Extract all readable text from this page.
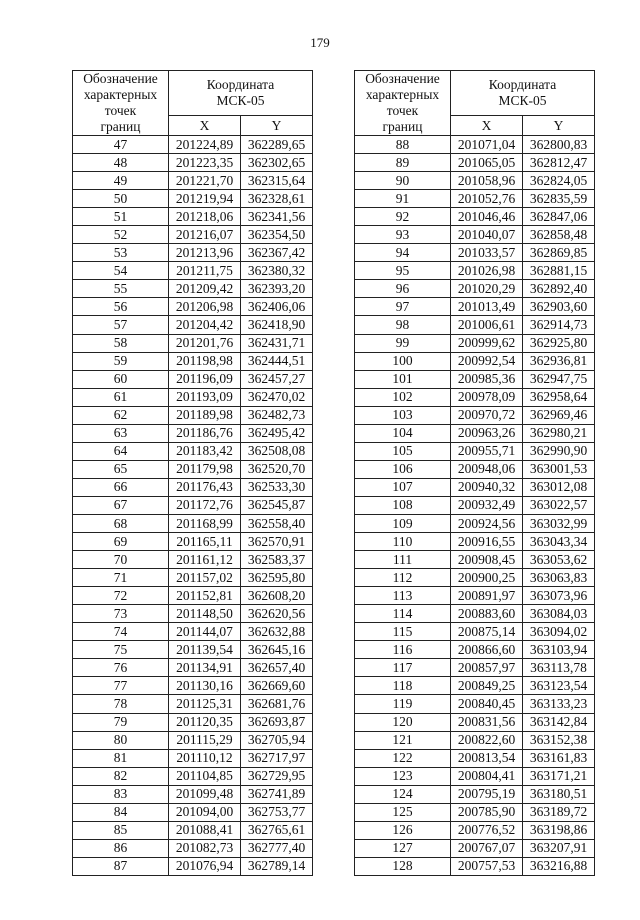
179
Обозначение
характерных
точек
границ	Координата
МСК-05	
	X	Y
47	201224,89	362289,65
48	201223,35	362302,65
49	201221,70	362315,64
50	201219,94	362328,61
51	201218,06	362341,56
52	201216,07	362354,50
53	201213,96	362367,42
54	201211,75	362380,32
55	201209,42	362393,20
56	201206,98	362406,06
57	201204,42	362418,90
58	201201,76	362431,71
59	201198,98	362444,51
60	201196,09	362457,27
61	201193,09	362470,02
62	201189,98	362482,73
63	201186,76	362495,42
64	201183,42	362508,08
65	201179,98	362520,70
66	201176,43	362533,30
67	201172,76	362545,87
68	201168,99	362558,40
69	201165,11	362570,91
70	201161,12	362583,37
71	201157,02	362595,80
72	201152,81	362608,20
73	201148,50	362620,56
74	201144,07	362632,88
75	201139,54	362645,16
76	201134,91	362657,40
77	201130,16	362669,60
78	201125,31	362681,76
79	201120,35	362693,87
80	201115,29	362705,94
81	201110,12	362717,97
82	201104,85	362729,95
83	201099,48	362741,89
84	201094,00	362753,77
85	201088,41	362765,61
86	201082,73	362777,40
87	201076,94	362789,14
Обозначение
характерных
точек
границ	Координата
МСК-05	
	X	Y
88	201071,04	362800,83
89	201065,05	362812,47
90	201058,96	362824,05
91	201052,76	362835,59
92	201046,46	362847,06
93	201040,07	362858,48
94	201033,57	362869,85
95	201026,98	362881,15
96	201020,29	362892,40
97	201013,49	362903,60
98	201006,61	362914,73
99	200999,62	362925,80
100	200992,54	362936,81
101	200985,36	362947,75
102	200978,09	362958,64
103	200970,72	362969,46
104	200963,26	362980,21
105	200955,71	362990,90
106	200948,06	363001,53
107	200940,32	363012,08
108	200932,49	363022,57
109	200924,56	363032,99
110	200916,55	363043,34
111	200908,45	363053,62
112	200900,25	363063,83
113	200891,97	363073,96
114	200883,60	363084,03
115	200875,14	363094,02
116	200866,60	363103,94
117	200857,97	363113,78
118	200849,25	363123,54
119	200840,45	363133,23
120	200831,56	363142,84
121	200822,60	363152,38
122	200813,54	363161,83
123	200804,41	363171,21
124	200795,19	363180,51
125	200785,90	363189,72
126	200776,52	363198,86
127	200767,07	363207,91
128	200757,53	363216,88
